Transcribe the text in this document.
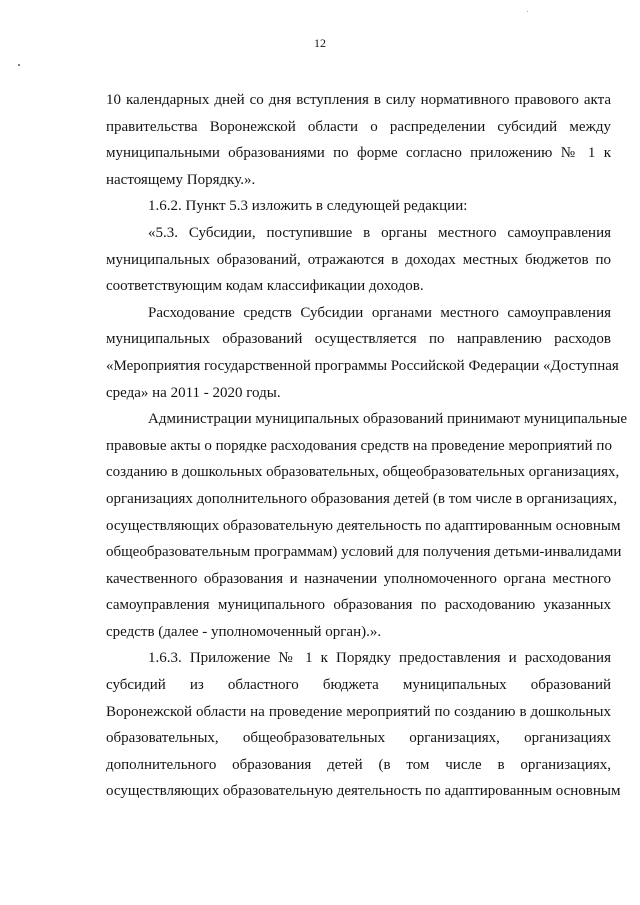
12
10 календарных дней со дня вступления в силу нормативного правового акта
правительства Воронежской области о распределении субсидий между
муниципальными образованиями по форме согласно приложению № 1 к
настоящему Порядку.».
1.6.2. Пункт 5.3 изложить в следующей редакции:
«5.3. Субсидии, поступившие в органы местного самоуправления
муниципальных образований, отражаются в доходах местных бюджетов по
соответствующим кодам классификации доходов.
Расходование средств Субсидии органами местного самоуправления
муниципальных образований осуществляется по направлению расходов
«Мероприятия государственной программы Российской Федерации «Доступная
среда» на 2011 - 2020 годы.
Администрации муниципальных образований принимают муниципальные
правовые акты о порядке расходования средств на проведение мероприятий по
созданию в дошкольных образовательных, общеобразовательных организациях,
организациях дополнительного образования детей (в том числе в организациях,
осуществляющих образовательную деятельность по адаптированным основным
общеобразовательным программам) условий для получения детьми-инвалидами
качественного образования и назначении уполномоченного органа местного
самоуправления муниципального образования по расходованию указанных
средств (далее - уполномоченный орган).».
1.6.3. Приложение № 1 к Порядку предоставления и расходования
субсидий из областного бюджета муниципальных образований
Воронежской области на проведение мероприятий по созданию в дошкольных
образовательных, общеобразовательных организациях, организациях
дополнительного образования детей (в том числе в организациях,
осуществляющих образовательную деятельность по адаптированным основным
